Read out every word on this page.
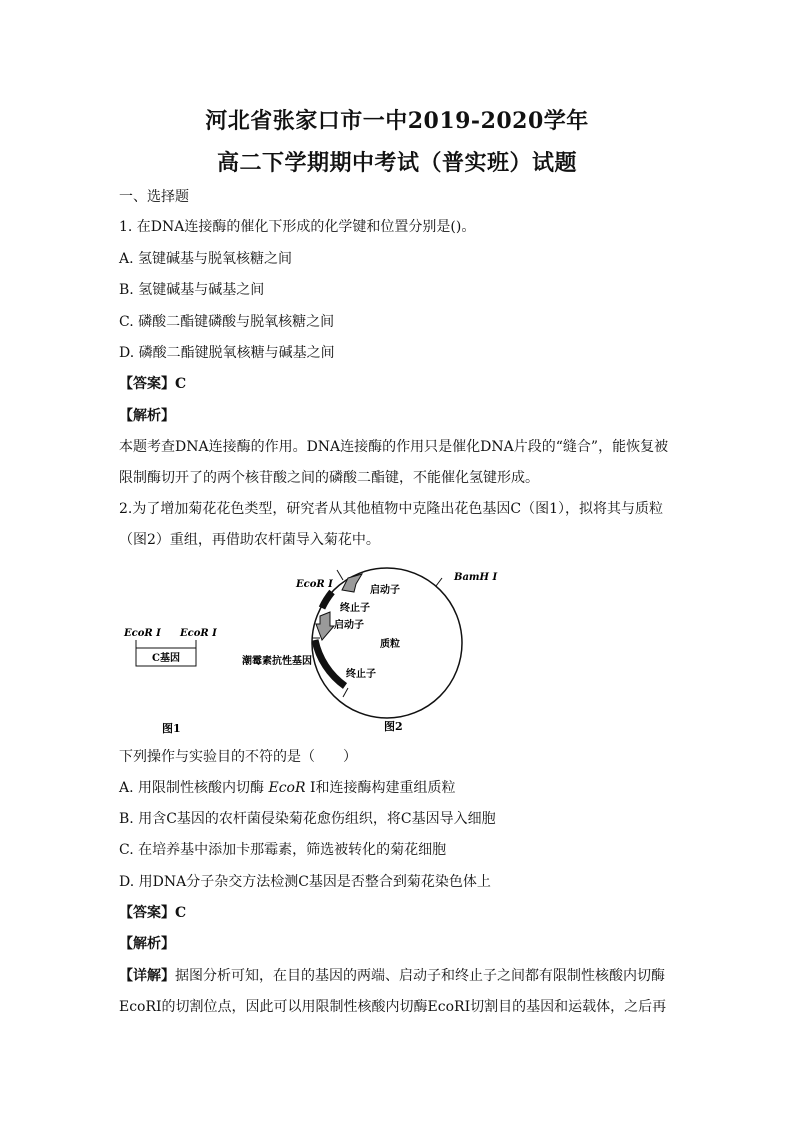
河北省张家口市一中2019-2020学年
高二下学期期中考试（普实班）试题
一、选择题
1. 在DNA连接酶的催化下形成的化学键和位置分别是()。
A. 氢键碱基与脱氧核糖之间
B. 氢键碱基与碱基之间
C. 磷酸二酯键磷酸与脱氧核糖之间
D. 磷酸二酯键脱氧核糖与碱基之间
【答案】C
【解析】
本题考查DNA连接酶的作用。DNA连接酶的作用只是催化DNA片段的“缝合”，能恢复被
限制酶切开了的两个核苷酸之间的磷酸二酯键，不能催化氢键形成。
2.为了增加菊花花色类型，研究者从其他植物中克隆出花色基因C（图1），拟将其与质粒
（图2）重组，再借助农杆菌导入菊花中。
EcoR Ⅰ EcoR Ⅰ
C基因
图1
EcoR Ⅰ
BamH Ⅰ
启动子
终止子
启动子
质粒
潮霉素抗性基因
终止子
图2
下列操作与实验目的不符的是（　　）
A. 用限制性核酸内切酶 EcoR I和连接酶构建重组质粒
B. 用含C基因的农杆菌侵染菊花愈伤组织，将C基因导入细胞
C. 在培养基中添加卡那霉素，筛选被转化的菊花细胞
D. 用DNA分子杂交方法检测C基因是否整合到菊花染色体上
【答案】C
【解析】
【详解】据图分析可知，在目的基因的两端、启动子和终止子之间都有限制性核酸内切酶
EcoRⅠ的切割位点，因此可以用限制性核酸内切酶EcoRⅠ切割目的基因和运载体，之后再
